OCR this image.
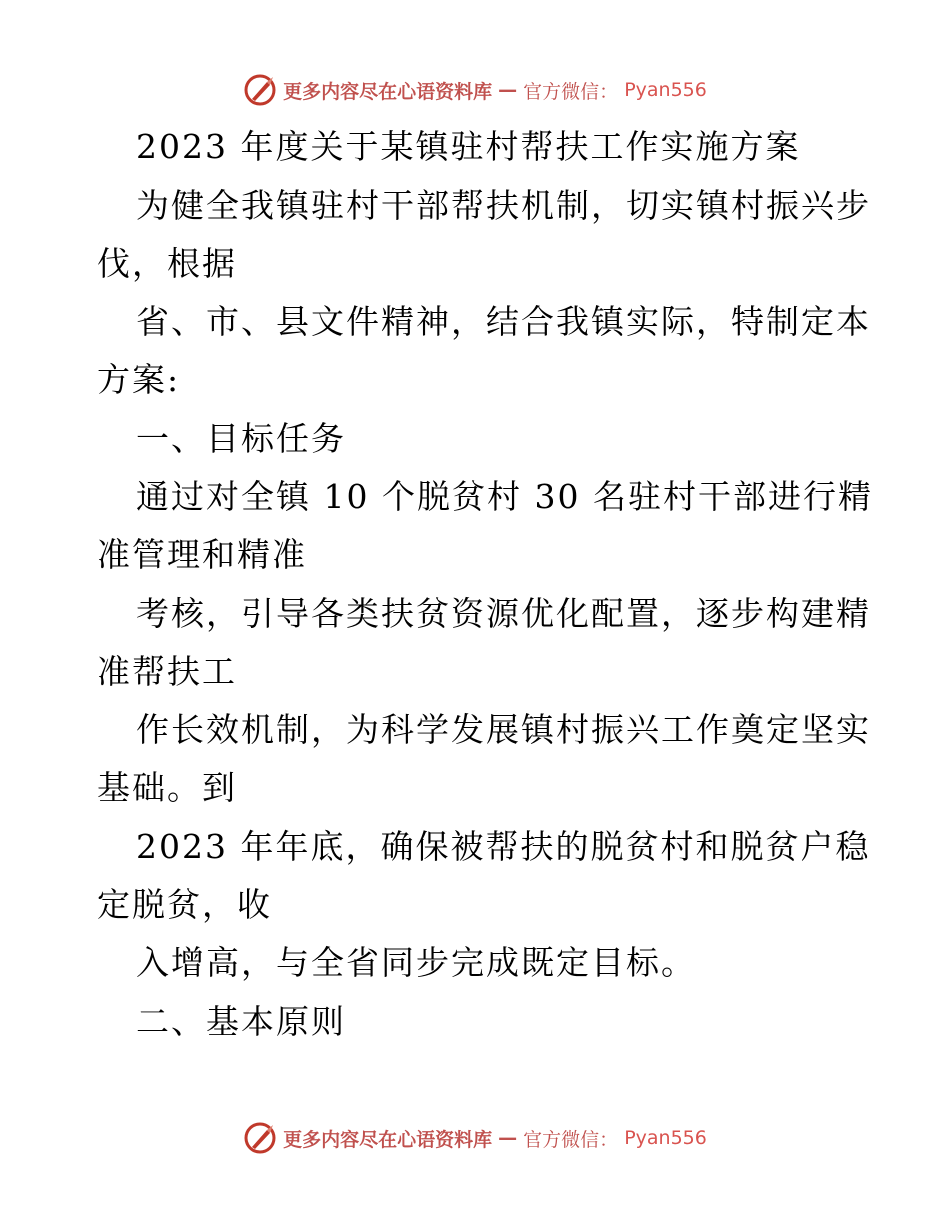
更多内容尽在心语资料库 — 官方微信： Pyan556
2023 年度关于某镇驻村帮扶工作实施方案
为健全我镇驻村干部帮扶机制，切实镇村振兴步
伐，根据
省、市、县文件精神，结合我镇实际，特制定本
方案:
一、目标任务
通过对全镇 10 个脱贫村 30 名驻村干部进行精
准管理和精准
考核，引导各类扶贫资源优化配置，逐步构建精
准帮扶工
作长效机制，为科学发展镇村振兴工作奠定坚实
基础。到
2023 年年底，确保被帮扶的脱贫村和脱贫户稳
定脱贫，收
入增高，与全省同步完成既定目标。
二、基本原则
更多内容尽在心语资料库 — 官方微信： Pyan556
